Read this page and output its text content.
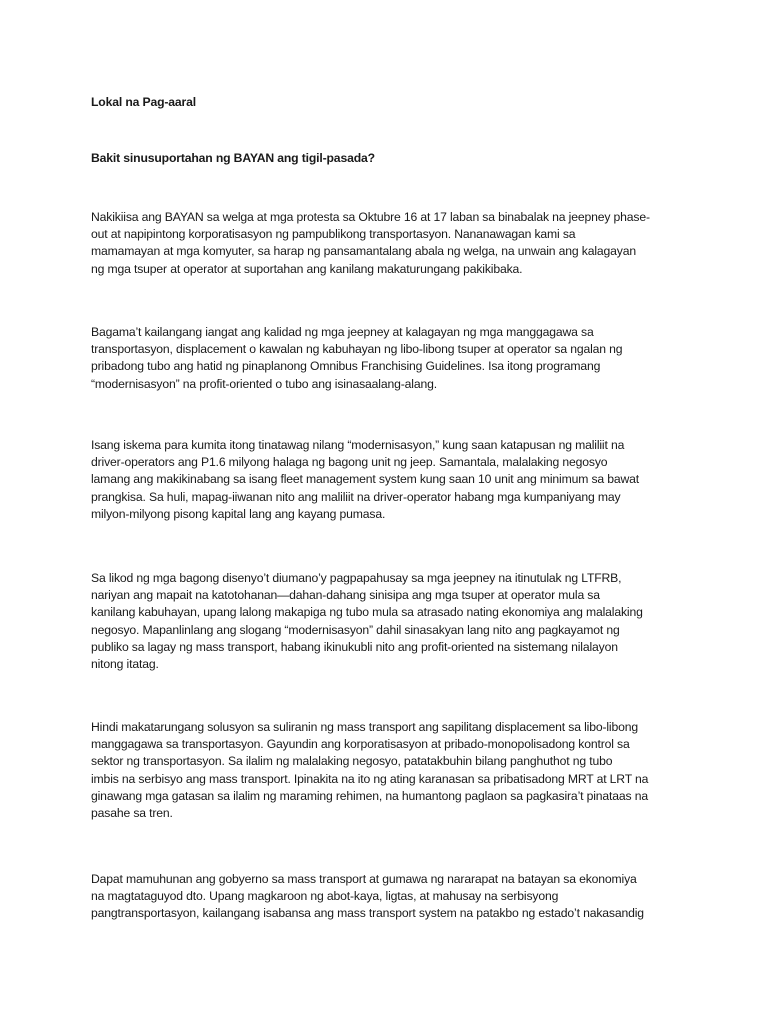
Lokal na Pag-aaral

Bakit sinusuportahan ng BAYAN ang tigil-pasada?

Nakikiisa ang BAYAN sa welga at mga protesta sa Oktubre 16 at 17 laban sa binabalak na jeepney phase-
out at napipintong korporatisasyon ng pampublikong transportasyon. Nananawagan kami sa
mamamayan at mga komyuter, sa harap ng pansamantalang abala ng welga, na unwain ang kalagayan
ng mga tsuper at operator at suportahan ang kanilang makaturungang pakikibaka.

Bagama’t kailangang iangat ang kalidad ng mga jeepney at kalagayan ng mga manggagawa sa
transportasyon, displacement o kawalan ng kabuhayan ng libo-libong tsuper at operator sa ngalan ng
pribadong tubo ang hatid ng pinaplanong Omnibus Franchising Guidelines. Isa itong programang
“modernisasyon” na profit-oriented o tubo ang isinasaalang-alang.

Isang iskema para kumita itong tinatawag nilang “modernisasyon,” kung saan katapusan ng maliliit na
driver-operators ang P1.6 milyong halaga ng bagong unit ng jeep. Samantala, malalaking negosyo
lamang ang makikinabang sa isang fleet management system kung saan 10 unit ang minimum sa bawat
prangkisa. Sa huli, mapag-iiwanan nito ang maliliit na driver-operator habang mga kumpaniyang may
milyon-milyong pisong kapital lang ang kayang pumasa.

Sa likod ng mga bagong disenyo’t diumano’y pagpapahusay sa mga jeepney na itinutulak ng LTFRB,
nariyan ang mapait na katotohanan—dahan-dahang sinisipa ang mga tsuper at operator mula sa
kanilang kabuhayan, upang lalong makapiga ng tubo mula sa atrasado nating ekonomiya ang malalaking
negosyo. Mapanlinlang ang slogang “modernisasyon” dahil sinasakyan lang nito ang pagkayamot ng
publiko sa lagay ng mass transport, habang ikinukubli nito ang profit-oriented na sistemang nilalayon
nitong itatag.

Hindi makatarungang solusyon sa suliranin ng mass transport ang sapilitang displacement sa libo-libong
manggagawa sa transportasyon. Gayundin ang korporatisasyon at pribado-monopolisadong kontrol sa
sektor ng transportasyon. Sa ilalim ng malalaking negosyo, patatakbuhin bilang panghuthot ng tubo
imbis na serbisyo ang mass transport. Ipinakita na ito ng ating karanasan sa pribatisadong MRT at LRT na
ginawang mga gatasan sa ilalim ng maraming rehimen, na humantong paglaon sa pagkasira’t pinataas na
pasahe sa tren.

Dapat mamuhunan ang gobyerno sa mass transport at gumawa ng nararapat na batayan sa ekonomiya
na magtataguyod dto. Upang magkaroon ng abot-kaya, ligtas, at mahusay na serbisyong
pangtransportasyon, kailangang isabansa ang mass transport system na patakbo ng estado’t nakasandig
